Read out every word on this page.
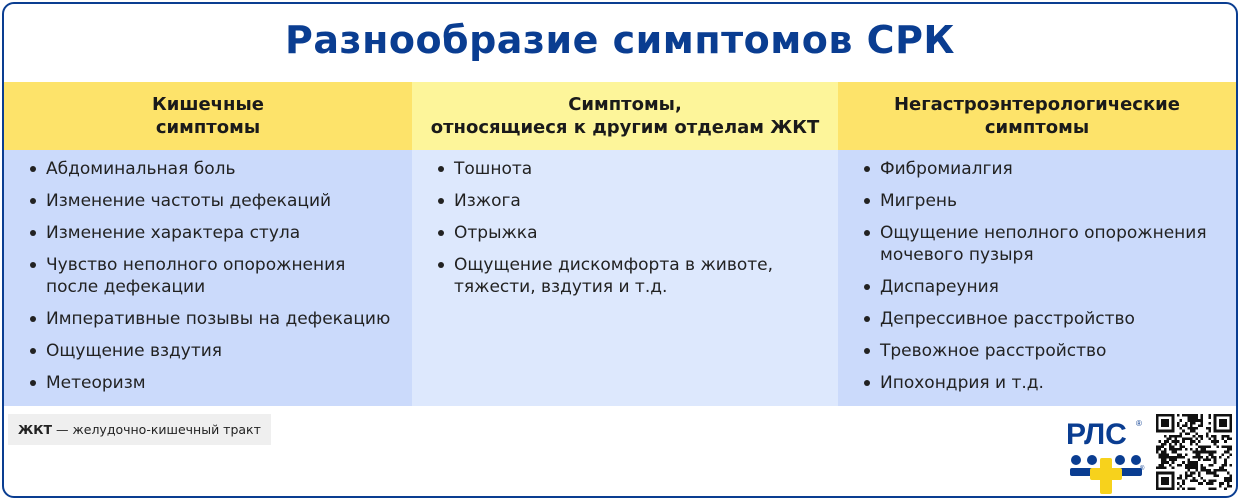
Разнообразие симптомов СРК
Кишечные
симптомы
Симптомы,
относящиеся к другим отделам ЖКТ
Негастроэнтерологические
симптомы
Абдоминальная боль
Изменение частоты дефекаций
Изменение характера стула
Чувство неполного опорожнения
после дефекации
Императивные позывы на дефекацию
Ощущение вздутия
Метеоризм
Тошнота
Изжога
Отрыжка
Ощущение дискомфорта в животе,
тяжести, вздутия и т.д.
Фибромиалгия
Мигрень
Ощущение неполного опорожнения
мочевого пузыря
Диспареуния
Депрессивное расстройство
Тревожное расстройство
Ипохондрия и т.д.
ЖКТ — желудочно-кишечный тракт	РЛС ®
®
